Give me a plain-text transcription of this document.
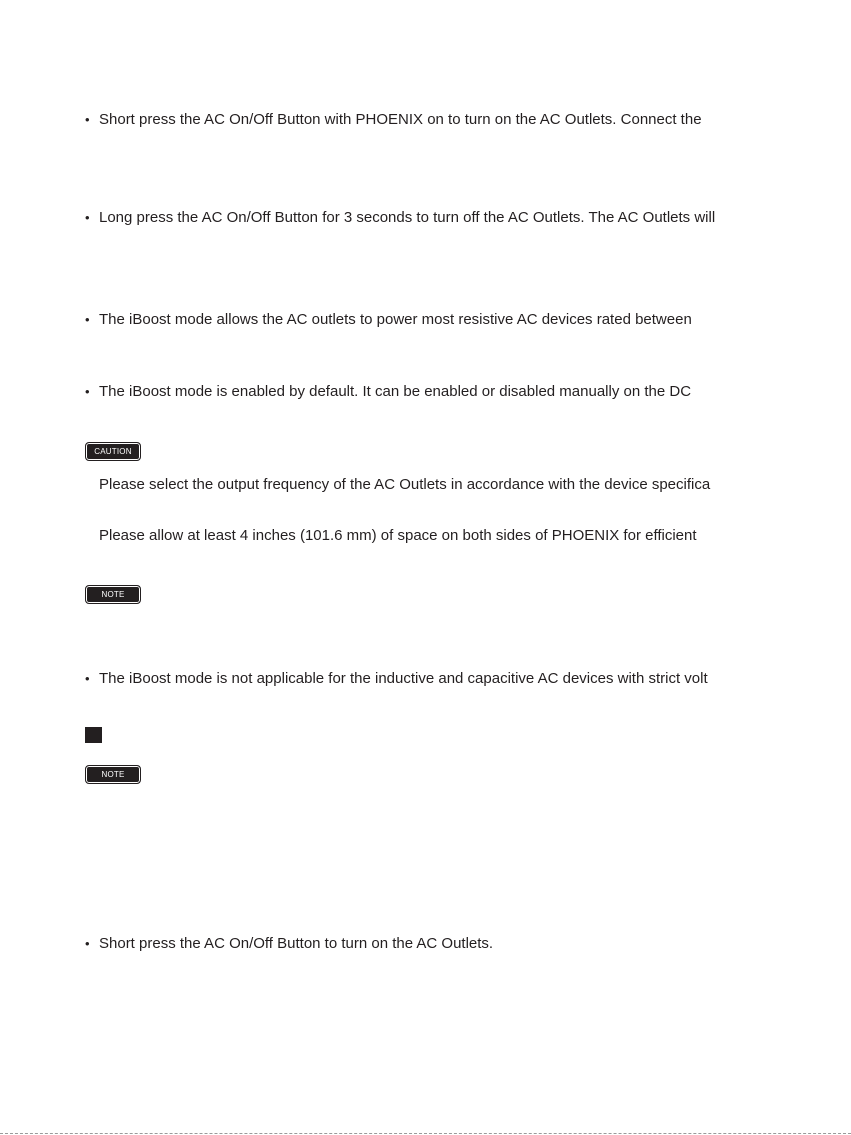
• Short press the AC On/Off Button with PHOENIX on to turn on the AC Outlets. Connect the
• Long press the AC On/Off Button for 3 seconds to turn off the AC Outlets. The AC Outlets will
• The iBoost mode allows the AC outlets to power most resistive AC devices rated between
• The iBoost mode is enabled by default. It can be enabled or disabled manually on the DC
CAUTION
Please select the output frequency of the AC Outlets in accordance with the device specifica
Please allow at least 4 inches (101.6 mm) of space on both sides of PHOENIX for efficient
NOTE
• The iBoost mode is not applicable for the inductive and capacitive AC devices with strict volt
NOTE
• Short press the AC On/Off Button to turn on the AC Outlets.
